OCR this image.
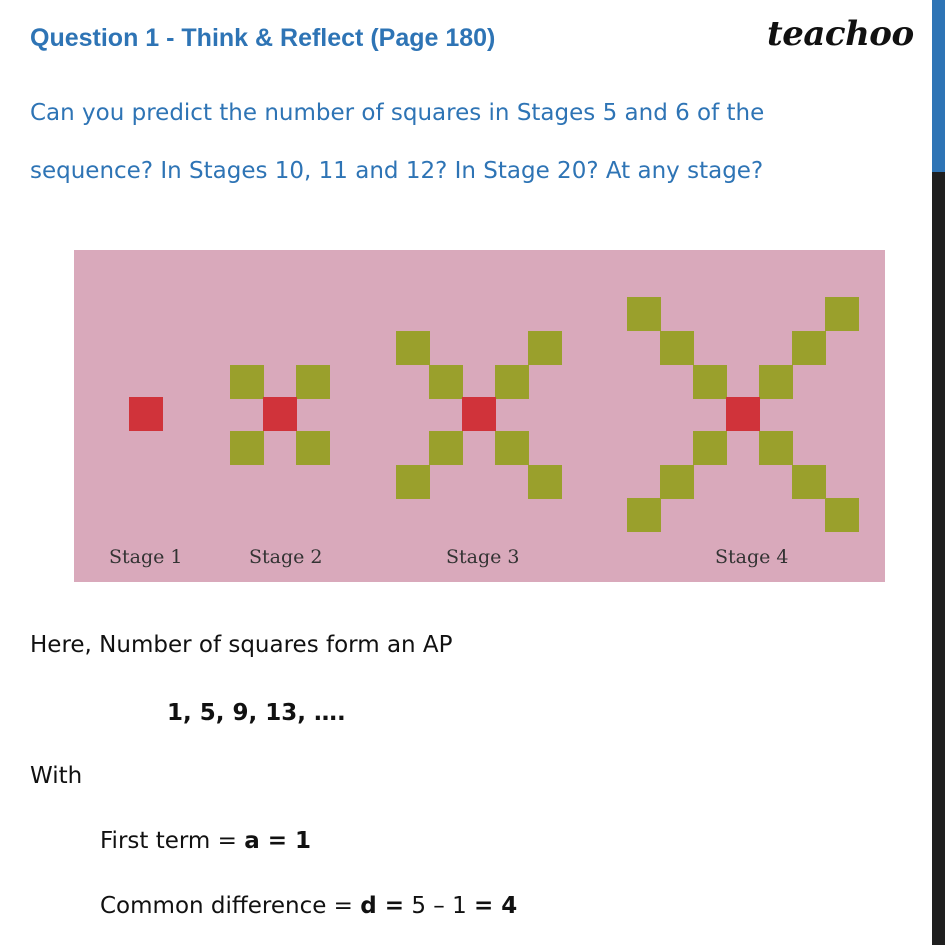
Question 1 - Think & Reflect (Page 180)	teachoo
Can you predict the number of squares in Stages 5 and 6 of the
sequence? In Stages 10, 11 and 12? In Stage 20? At any stage?
Stage 1	Stage 2	Stage 3	Stage 4
Here, Number of squares form an AP
1, 5, 9, 13, ….
With
First term = a = 1
Common difference = d = 5 – 1 = 4
